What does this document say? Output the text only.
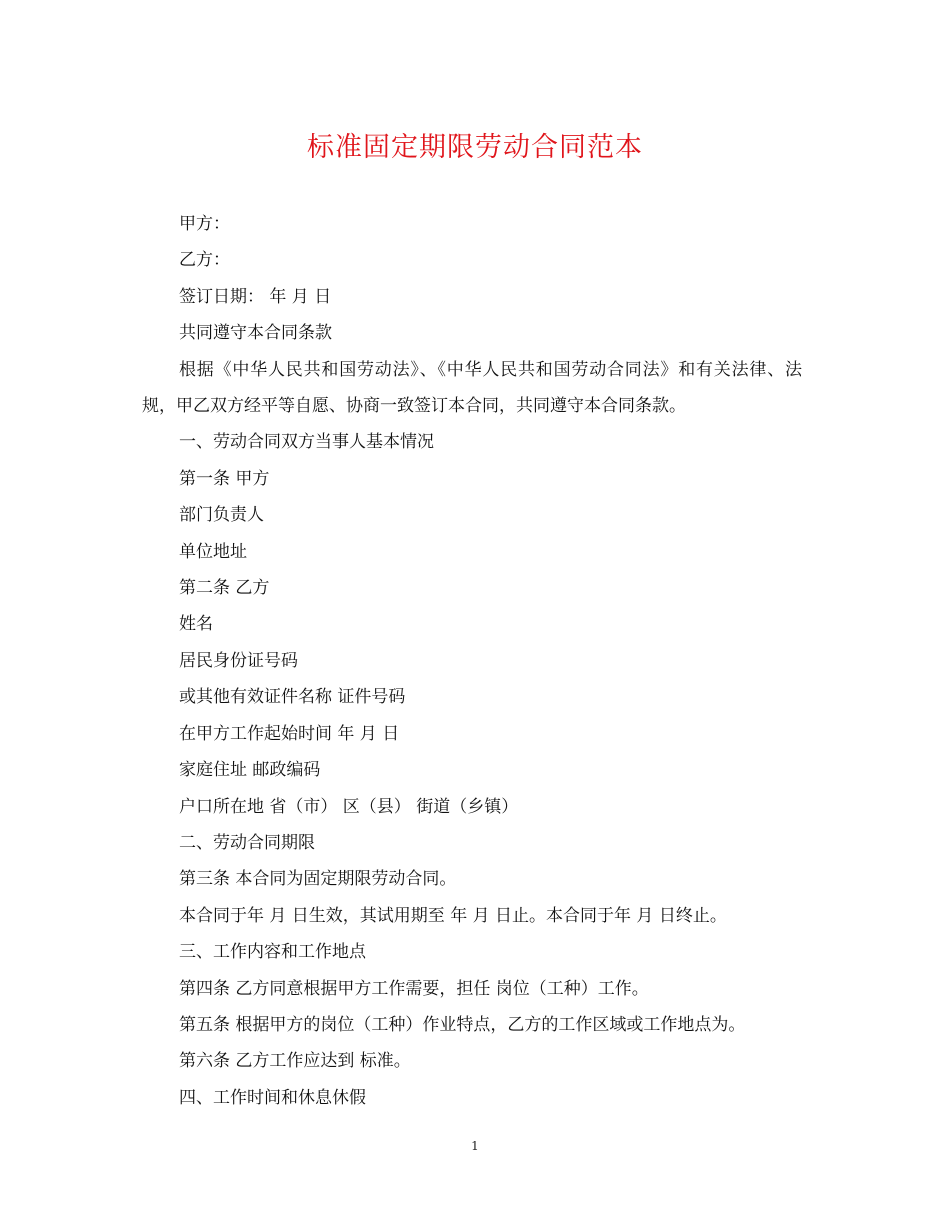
标准固定期限劳动合同范本
甲方：
乙方：
签订日期： 年 月 日
共同遵守本合同条款
根据《中华人民共和国劳动法》、《中华人民共和国劳动合同法》和有关法律、法规，甲乙双方经平等自愿、协商一致签订本合同，共同遵守本合同条款。
一、劳动合同双方当事人基本情况
第一条 甲方
部门负责人
单位地址
第二条 乙方
姓名
居民身份证号码
或其他有效证件名称 证件号码
在甲方工作起始时间 年 月 日
家庭住址 邮政编码
户口所在地 省（市） 区（县） 街道（乡镇）
二、劳动合同期限
第三条 本合同为固定期限劳动合同。
本合同于年 月 日生效，其试用期至 年 月 日止。本合同于年 月 日终止。
三、工作内容和工作地点
第四条 乙方同意根据甲方工作需要，担任 岗位（工种）工作。
第五条 根据甲方的岗位（工种）作业特点，乙方的工作区域或工作地点为。
第六条 乙方工作应达到 标准。
四、工作时间和休息休假
1
